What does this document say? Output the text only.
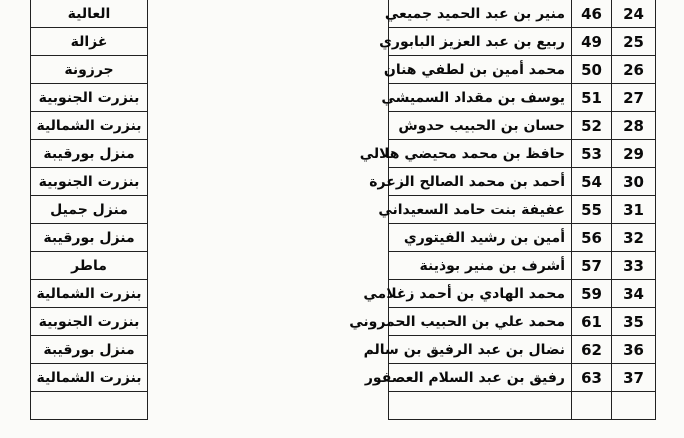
24
46
منير بن عبد الحميد جميعي
العالية
25
49
ربيع بن عبد العزيز البابوري
غزالة
26
50
محمد أمين بن لطفي هنان
جرزونة
27
51
يوسف بن مقداد السميشي
بنزرت الجنوبية
28
52
حسان بن الحبيب حدوش
بنزرت الشمالية
29
53
حافظ بن محمد محيضي هلالي
منزل بورقيبة
30
54
أحمد بن محمد الصالح الزعرة
بنزرت الجنوبية
31
55
عفيفة بنت حامد السعيداني
منزل جميل
32
56
أمين بن رشيد الفيتوري
منزل بورقيبة
33
57
أشرف بن منير بوذينة
ماطر
34
59
محمد الهادي بن أحمد زغلامي
بنزرت الشمالية
35
61
محمد علي بن الحبيب الحمروني
بنزرت الجنوبية
36
62
نضال بن عبد الرفيق بن سالم
منزل بورقيبة
37
63
رفيق بن عبد السلام العصفور
بنزرت الشمالية
